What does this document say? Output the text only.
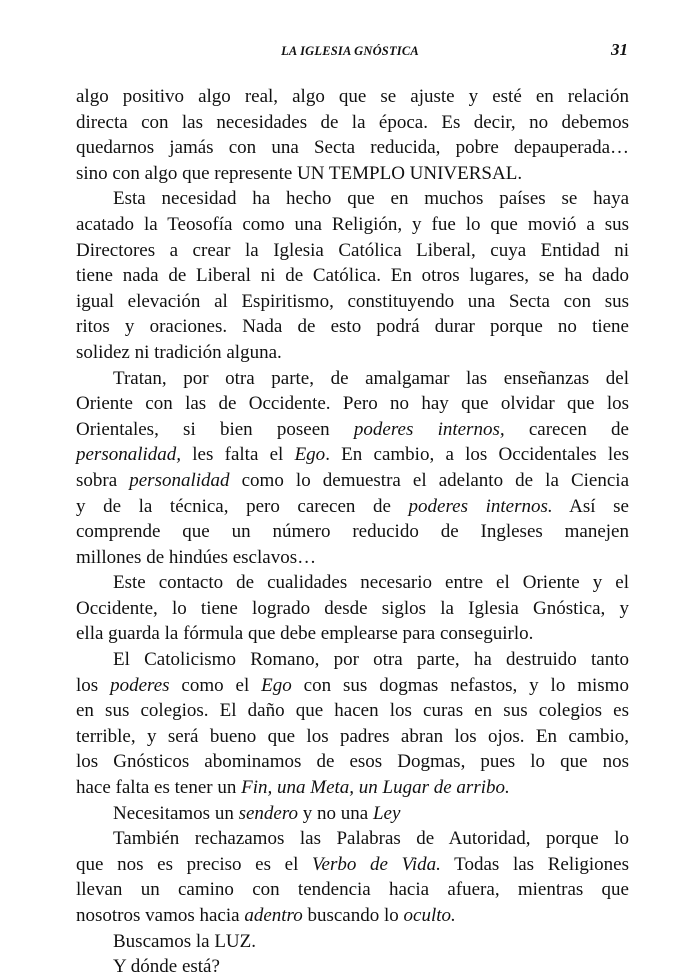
LA IGLESIA GNÓSTICA	31
algo positivo algo real, algo que se ajuste y esté en relación
directa con las necesidades de la época. Es decir, no debemos
quedarnos jamás con una Secta reducida, pobre depauperada…
sino con algo que represente UN TEMPLO UNIVERSAL.
Esta necesidad ha hecho que en muchos países se haya
acatado la Teosofía como una Religión, y fue lo que movió a sus
Directores a crear la Iglesia Católica Liberal, cuya Entidad ni
tiene nada de Liberal ni de Católica. En otros lugares, se ha dado
igual elevación al Espiritismo, constituyendo una Secta con sus
ritos y oraciones. Nada de esto podrá durar porque no tiene
solidez ni tradición alguna.
Tratan, por otra parte, de amalgamar las enseñanzas del
Oriente con las de Occidente. Pero no hay que olvidar que los
Orientales, si bien poseen poderes internos, carecen de
personalidad, les falta el Ego. En cambio, a los Occidentales les
sobra personalidad como lo demuestra el adelanto de la Ciencia
y de la técnica, pero carecen de poderes internos. Así se
comprende que un número reducido de Ingleses manejen
millones de hindúes esclavos…
Este contacto de cualidades necesario entre el Oriente y el
Occidente, lo tiene logrado desde siglos la Iglesia Gnóstica, y
ella guarda la fórmula que debe emplearse para conseguirlo.
El Catolicismo Romano, por otra parte, ha destruido tanto
los poderes como el Ego con sus dogmas nefastos, y lo mismo
en sus colegios. El daño que hacen los curas en sus colegios es
terrible, y será bueno que los padres abran los ojos. En cambio,
los Gnósticos abominamos de esos Dogmas, pues lo que nos
hace falta es tener un Fin, una Meta, un Lugar de arribo.
Necesitamos un sendero y no una Ley
También rechazamos las Palabras de Autoridad, porque lo
que nos es preciso es el Verbo de Vida. Todas las Religiones
llevan un camino con tendencia hacia afuera, mientras que
nosotros vamos hacia adentro buscando lo oculto.
Buscamos la LUZ.
Y dónde está?
